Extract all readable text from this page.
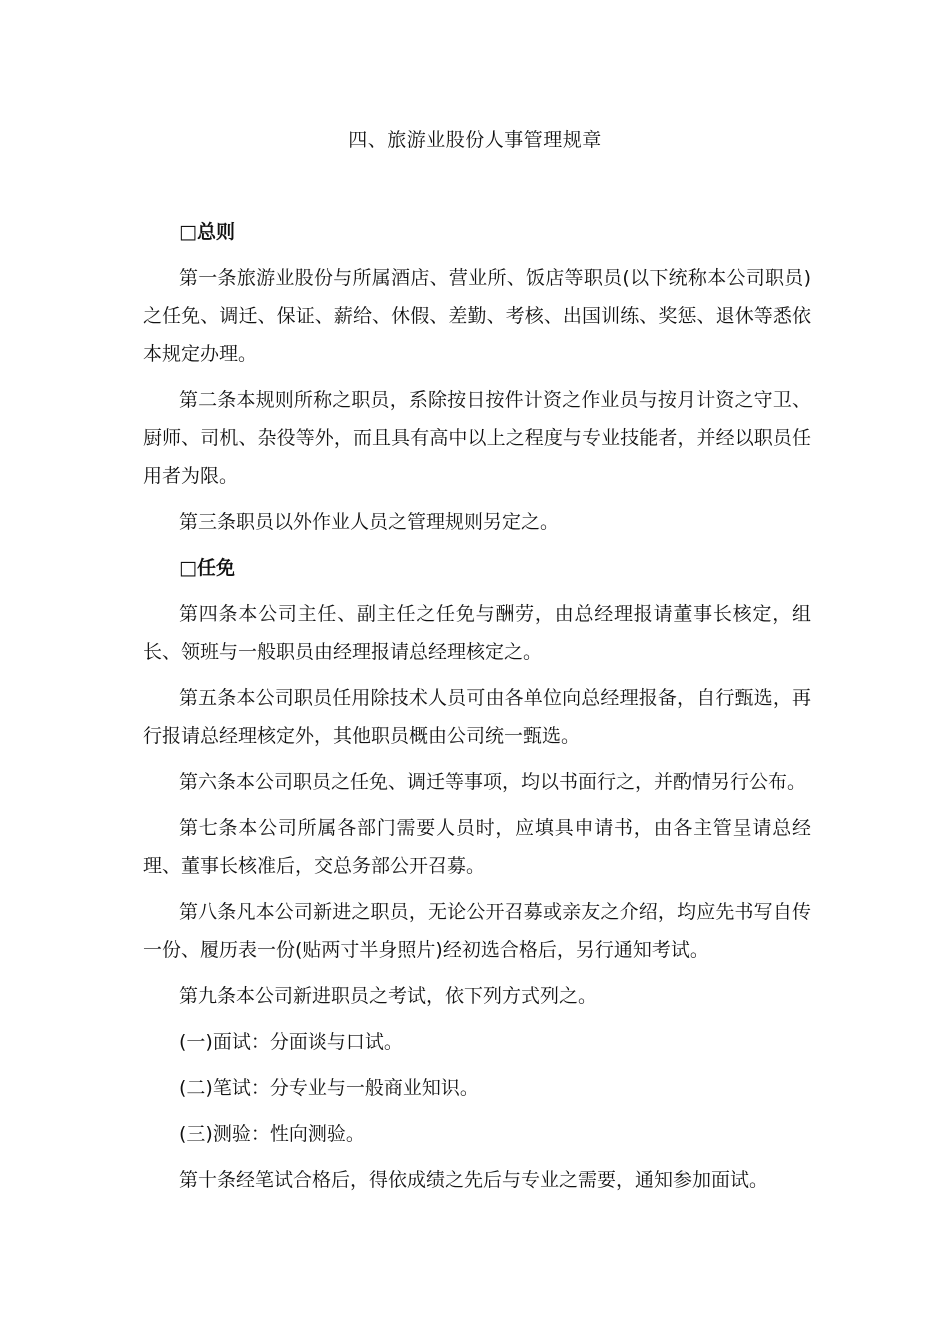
四、旅游业股份人事管理规章
□总则
第一条旅游业股份与所属酒店、营业所、饭店等职员(以下统称本公司职员)之任免、调迁、保证、薪给、休假、差勤、考核、出国训练、奖惩、退休等悉依本规定办理。
第二条本规则所称之职员，系除按日按件计资之作业员与按月计资之守卫、厨师、司机、杂役等外，而且具有高中以上之程度与专业技能者，并经以职员任用者为限。
第三条职员以外作业人员之管理规则另定之。
□任免
第四条本公司主任、副主任之任免与酬劳，由总经理报请董事长核定，组长、领班与一般职员由经理报请总经理核定之。
第五条本公司职员任用除技术人员可由各单位向总经理报备，自行甄选，再行报请总经理核定外，其他职员概由公司统一甄选。
第六条本公司职员之任免、调迁等事项，均以书面行之，并酌情另行公布。
第七条本公司所属各部门需要人员时，应填具申请书，由各主管呈请总经理、董事长核准后，交总务部公开召募。
第八条凡本公司新进之职员，无论公开召募或亲友之介绍，均应先书写自传一份、履历表一份(贴两寸半身照片)经初选合格后，另行通知考试。
第九条本公司新进职员之考试，依下列方式列之。
(一)面试：分面谈与口试。
(二)笔试：分专业与一般商业知识。
(三)测验：性向测验。
第十条经笔试合格后，得依成绩之先后与专业之需要，通知参加面试。
